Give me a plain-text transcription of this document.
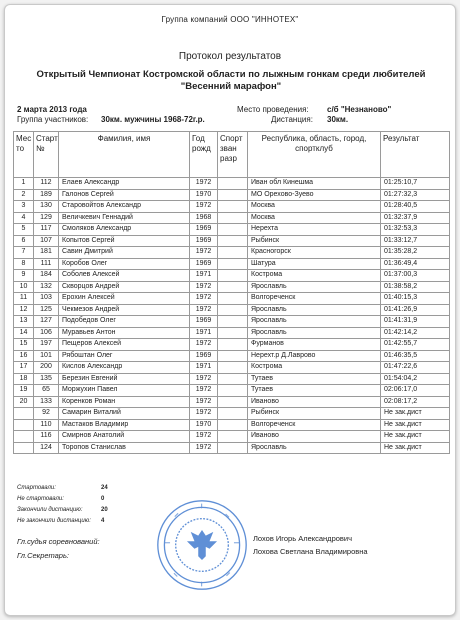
Группа компаний ООО "ИННОТЕХ"
Протокол результатов
Открытый Чемпионат Костромской области по лыжным гонкам среди любителей "Весенний марафон"
2 марта 2013 года
Группа участников: 30км. мужчины 1968-72г.р.
Место проведения: с/б "Незнаново"
Дистанция: 30км.
Мес то	Старт №	Фамилия, имя	Год рожд	Спорт зван разр	Республика, область, город, спортклуб	Результат
1	112	Елаев Александр	1972		Иван обл Кинешма	01:25:10,7
2	189	Галонов Сергей	1970		МО Орехово-Зуево	01:27:32,3
3	130	Старовойтов Александр	1972		Москва	01:28:40,5
4	129	Величкевич Геннадий	1968		Москва	01:32:37,9
5	117	Смоляков Александр	1969		Нерехта	01:32:53,3
6	107	Копытов Сергей	1969		Рыбинск	01:33:12,7
7	181	Савин Дмитрий	1972		Красногорск	01:35:28,2
8	111	Коробов Олег	1969		Шатура	01:36:49,4
9	184	Соболев Алексей	1971		Кострома	01:37:00,3
10	132	Скворцов Андрей	1972		Ярославль	01:38:58,2
11	103	Ерохин Алексей	1972		Волгореченск	01:40:15,3
12	125	Чекмезов Андрей	1972		Ярославль	01:41:26,9
13	127	Подобедов Олег	1969		Ярославль	01:41:31,9
14	106	Муравьев Антон	1971		Ярославль	01:42:14,2
15	197	Пещеров Алексей	1972		Фурманов	01:42:55,7
16	101	Рябоштан Олег	1969		Нерехт.р Д.Лаврово	01:46:35,5
17	200	Кислов Александр	1971		Кострома	01:47:22,6
18	135	Березин Евгений	1972		Тутаев	01:54:04,2
19	65	Моржухин Павел	1972		Тутаев	02:06:17,0
20	133	Коренков Роман	1972		Иваново	02:08:17,2
	92	Самарин Виталий	1972		Рыбинск	Не зак.дист
	110	Мастаков Владимир	1970		Волгореченск	Не зак.дист
	116	Смирнов Анатолий	1972		Иваново	Не зак.дист
	124	Торопов Станислав	1972		Ярославль	Не зак.дист
Стартовали:	24
Не стартовали:	0
Закончили дистанцию:	20
Не закончили дистанцию:	4
Гл.судья соревнований:	Лохов Игорь Александрович
Гл.Секретарь:	Лохова Светлана Владимировна
